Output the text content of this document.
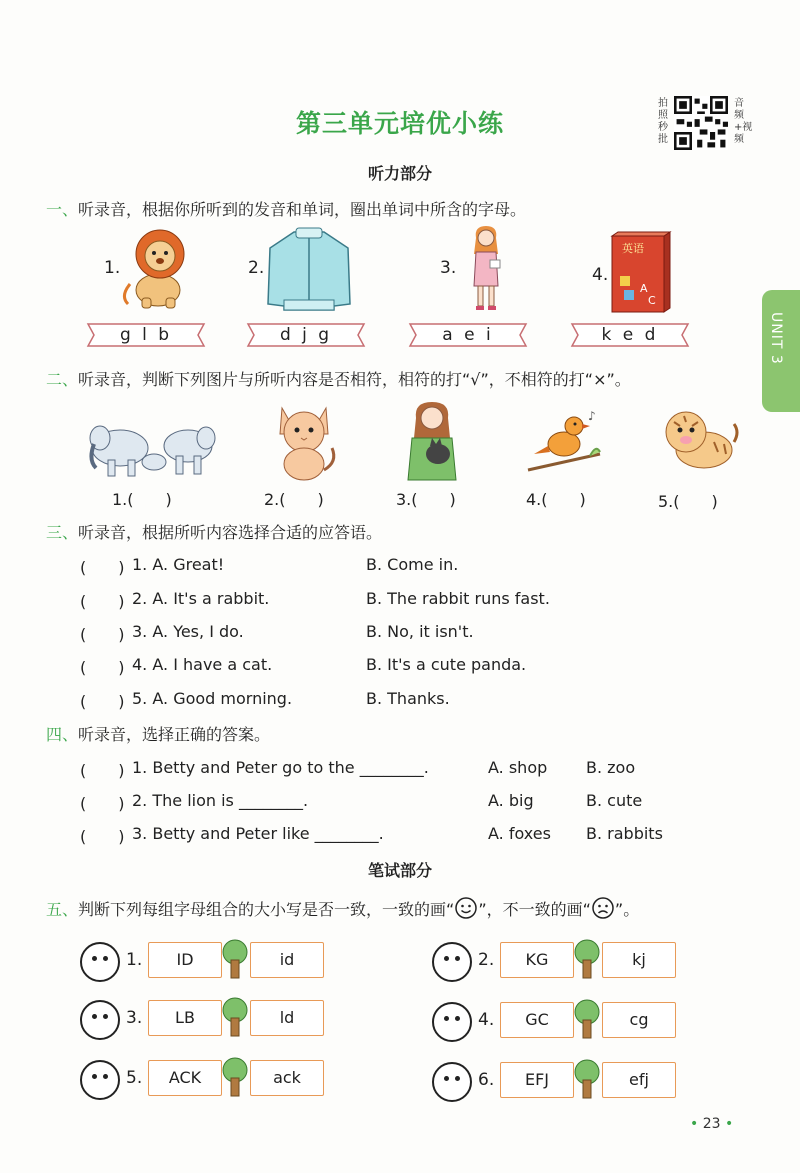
第三单元培优小练
拍照秒批
音频+视频
UNIT 3
听力部分
一、听录音，根据你所听到的发音和单词，圈出单词中所含的字母。
1.	2.	3.	4.
英语
A
C
g l b	d j g	a e i	k e d
二、听录音，判断下列图片与所听内容是否相符，相符的打“√”，不相符的打“×”。
♪
1.(　　)	2.(　　)	3.(　　)	4.(　　)	5.(　　)
三、听录音，根据所听内容选择合适的应答语。
(　　) 1. A. Great!	B. Come in.
(　　) 2. A. It's a rabbit.	B. The rabbit runs fast.
(　　) 3. A. Yes, I do.	B. No, it isn't.
(　　) 4. A. I have a cat.	B. It's a cute panda.
(　　) 5. A. Good morning.	B. Thanks.
四、听录音，选择正确的答案。
(　　) 1. Betty and Peter go to the ________.	A. shop B. zoo
(　　) 2. The lion is ________.	A. big	B. cute
(　　) 3. Betty and Peter like ________.	A. foxes B. rabbits
笔试部分
五、 判断下列每组字母组合的大小写是否一致，一致的画“ ”，不一致的画“ ”。
1.	ID	id	2.	KG	kj
3.	LB	ld	4.	GC	cg
5.	ACK	ack	6.	EFJ	efj
• 23 •
